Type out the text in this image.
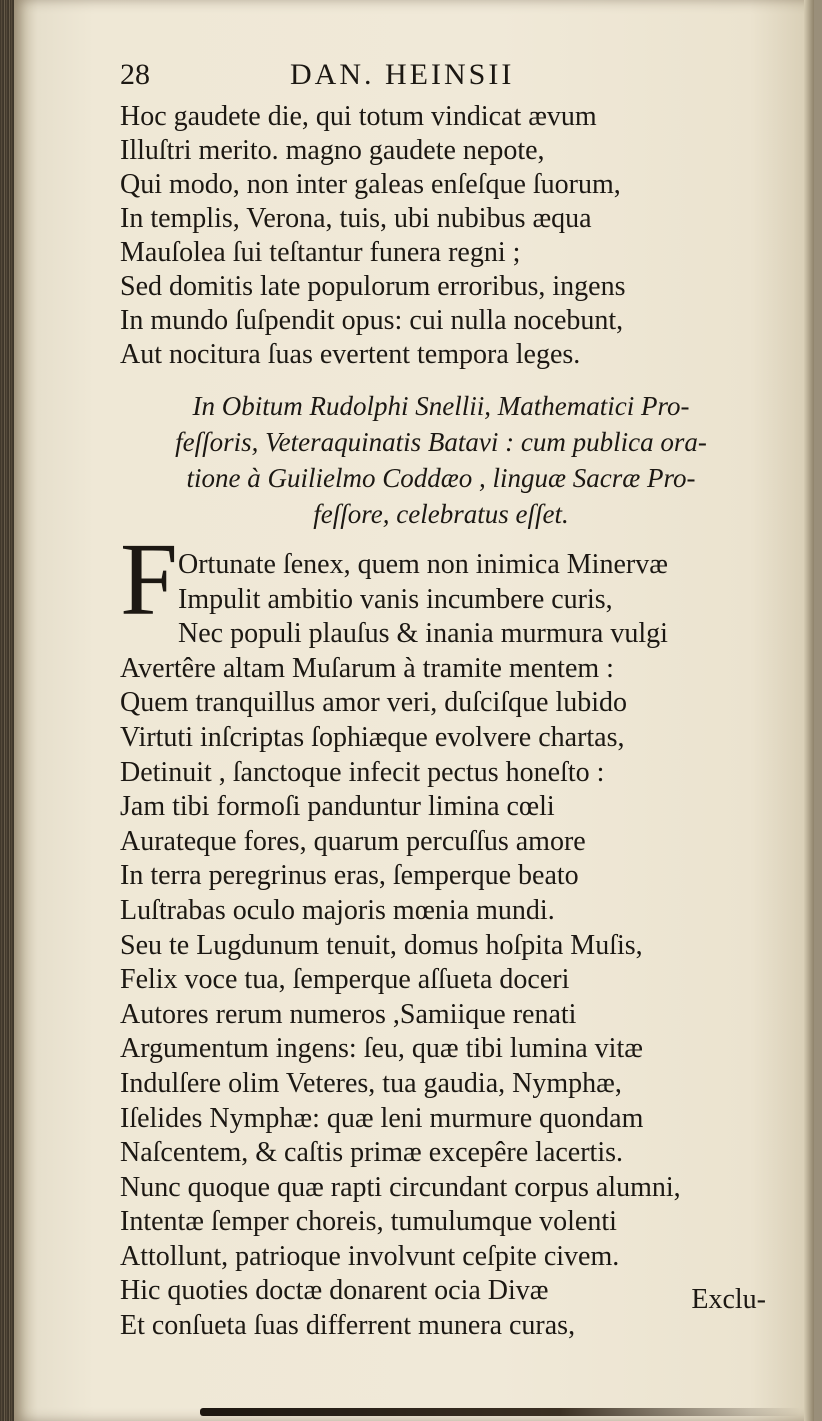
28	DAN. HEINSII
Hoc gaudete die, qui totum vindicat ævum
Illuſtri merito. magno gaudete nepote,
Qui modo, non inter galeas enſeſque ſuorum,
In templis, Verona, tuis, ubi nubibus æqua
Mauſolea ſui teſtantur funera regni ;
Sed domitis late populorum erroribus, ingens
In mundo ſuſpendit opus: cui nulla nocebunt,
Aut nocitura ſuas evertent tempora leges.
In Obitum Rudolphi Snellii, Mathematici Pro-
feſſoris, Veteraquinatis Batavi : cum publica ora-
tione à Guilielmo Coddæo , linguæ Sacræ Pro-
feſſore, celebratus eſſet.
F Ortunate ſenex, quem non inimica Minervæ
Impulit ambitio vanis incumbere curis,
Nec populi plauſus & inania murmura vulgi
Avertêre altam Muſarum à tramite mentem :
Quem tranquillus amor veri, duſciſque lubido
Virtuti inſcriptas ſophiæque evolvere chartas,
Detinuit , ſanctoque infecit pectus honeſto :
Jam tibi formoſi panduntur limina cœli
Aurateque fores, quarum percuſſus amore
In terra peregrinus eras, ſemperque beato
Luſtrabas oculo majoris mœnia mundi.
Seu te Lugdunum tenuit, domus hoſpita Muſis,
Felix voce tua, ſemperque aſſueta doceri
Autores rerum numeros ,Samiique renati
Argumentum ingens: ſeu, quæ tibi lumina vitæ
Indulſere olim Veteres, tua gaudia, Nymphæ,
Iſelides Nymphæ: quæ leni murmure quondam
Naſcentem, & caſtis primæ excepêre lacertis.
Nunc quoque quæ rapti circundant corpus alumni,
Intentæ ſemper choreis, tumulumque volenti
Attollunt, patrioque involvunt ceſpite civem.
Hic quoties doctæ donarent ocia Divæ
Et conſueta ſuas differrent munera curas,
Exclu-
